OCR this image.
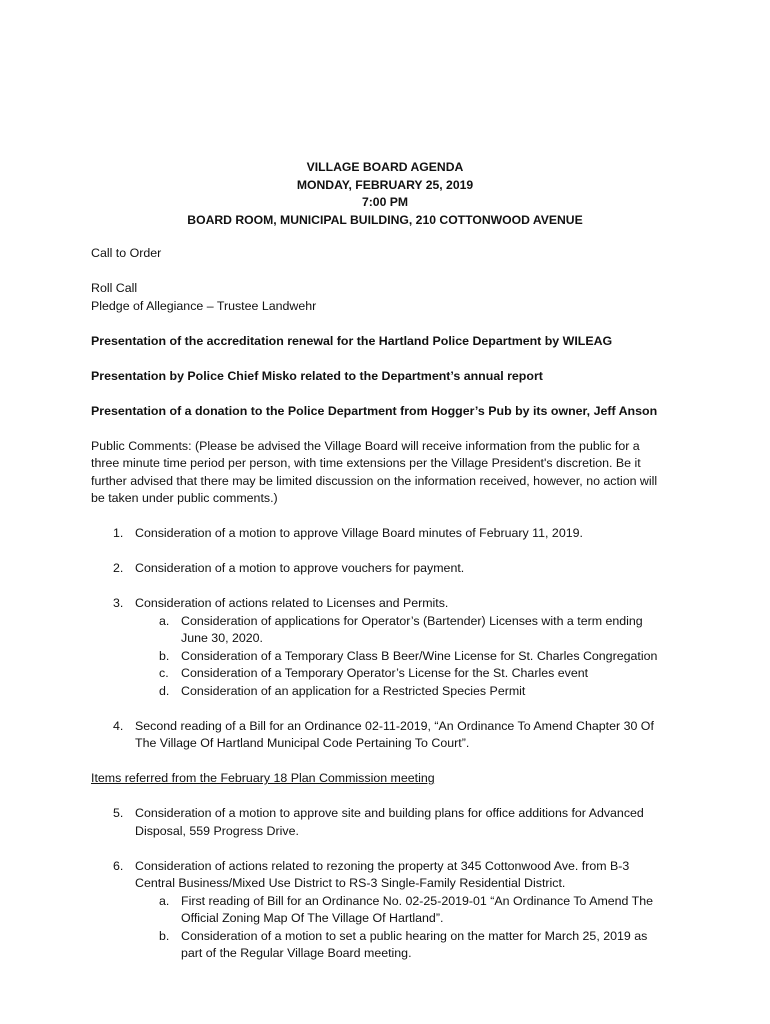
VILLAGE BOARD AGENDA
MONDAY, FEBRUARY 25, 2019
7:00 PM
BOARD ROOM, MUNICIPAL BUILDING, 210 COTTONWOOD AVENUE

Call to Order

Roll Call

Pledge of Allegiance – Trustee Landwehr

Presentation of the accreditation renewal for the Hartland Police Department by WILEAG

Presentation by Police Chief Misko related to the Department’s annual report

Presentation of a donation to the Police Department from Hogger’s Pub by its owner, Jeff Anson

Public Comments: (Please be advised the Village Board will receive information from the public for a three minute time period per person, with time extensions per the Village President's discretion. Be it further advised that there may be limited discussion on the information received, however, no action will be taken under public comments.)

1. Consideration of a motion to approve Village Board minutes of February 11, 2019.
2. Consideration of a motion to approve vouchers for payment.
3. Consideration of actions related to Licenses and Permits.
a. Consideration of applications for Operator’s (Bartender) Licenses with a term ending June 30, 2020.
b. Consideration of a Temporary Class B Beer/Wine License for St. Charles Congregation
c. Consideration of a Temporary Operator’s License for the St. Charles event
d. Consideration of an application for a Restricted Species Permit
4. Second reading of a Bill for an Ordinance 02-11-2019, “An Ordinance To Amend Chapter 30 Of The Village Of Hartland Municipal Code Pertaining To Court”.

Items referred from the February 18 Plan Commission meeting

5. Consideration of a motion to approve site and building plans for office additions for Advanced Disposal, 559 Progress Drive.
6. Consideration of actions related to rezoning the property at 345 Cottonwood Ave. from B-3 Central Business/Mixed Use District to RS-3 Single-Family Residential District.
a. First reading of Bill for an Ordinance No. 02-25-2019-01 “An Ordinance To Amend The Official Zoning Map Of The Village Of Hartland”.
b. Consideration of a motion to set a public hearing on the matter for March 25, 2019 as part of the Regular Village Board meeting.
